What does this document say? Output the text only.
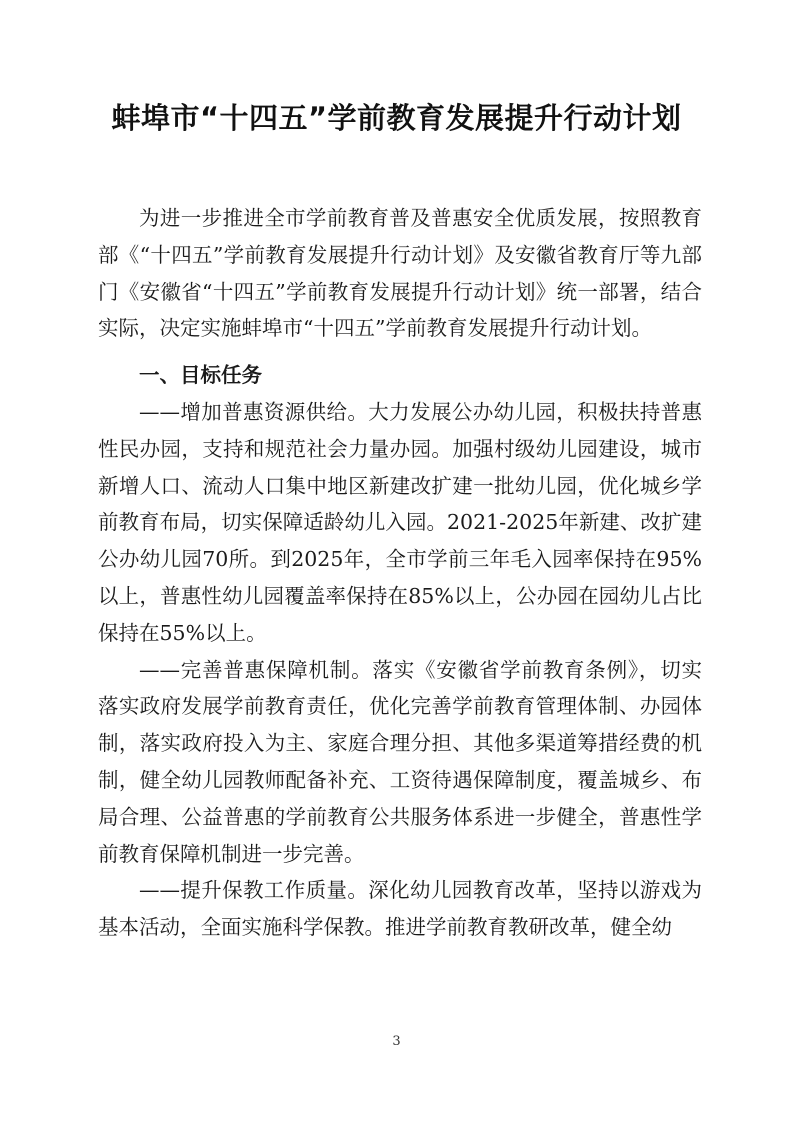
蚌埠市“十四五”学前教育发展提升行动计划

为进一步推进全市学前教育普及普惠安全优质发展，按照教育部《“十四五”学前教育发展提升行动计划》及安徽省教育厅等九部门《安徽省“十四五”学前教育发展提升行动计划》统一部署，结合实际，决定实施蚌埠市“十四五”学前教育发展提升行动计划。

一、目标任务

——增加普惠资源供给。大力发展公办幼儿园，积极扶持普惠性民办园，支持和规范社会力量办园。加强村级幼儿园建设，城市新增人口、流动人口集中地区新建改扩建一批幼儿园，优化城乡学前教育布局，切实保障适龄幼儿入园。2021-2025年新建、改扩建公办幼儿园70所。到2025年，全市学前三年毛入园率保持在95%以上，普惠性幼儿园覆盖率保持在85%以上，公办园在园幼儿占比保持在55%以上。

——完善普惠保障机制。落实《安徽省学前教育条例》，切实落实政府发展学前教育责任，优化完善学前教育管理体制、办园体制，落实政府投入为主、家庭合理分担、其他多渠道筹措经费的机制，健全幼儿园教师配备补充、工资待遇保障制度，覆盖城乡、布局合理、公益普惠的学前教育公共服务体系进一步健全，普惠性学前教育保障机制进一步完善。

——提升保教工作质量。深化幼儿园教育改革，坚持以游戏为基本活动，全面实施科学保教。推进学前教育教研改革，健全幼

3
